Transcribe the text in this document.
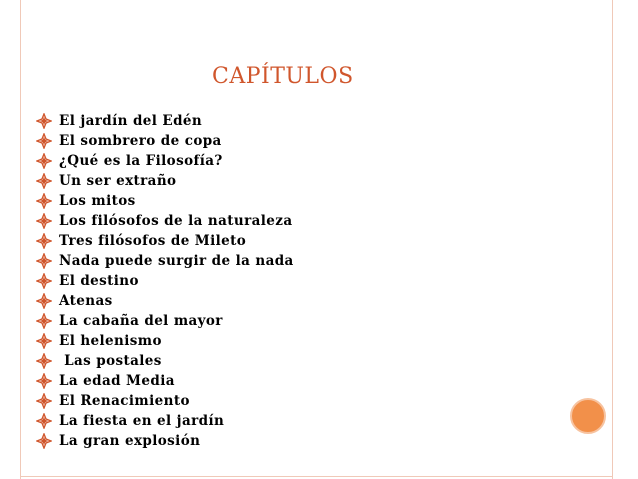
CAPÍTULOS
El jardín del Edén
El sombrero de copa
¿Qué es la Filosofía?
Un ser extraño
Los mitos
Los filósofos de la naturaleza
Tres filósofos de Mileto
Nada puede surgir de la nada
El destino
Atenas
La cabaña del mayor
El helenismo
Las postales
La edad Media
El Renacimiento
La fiesta en el jardín
La gran explosión
